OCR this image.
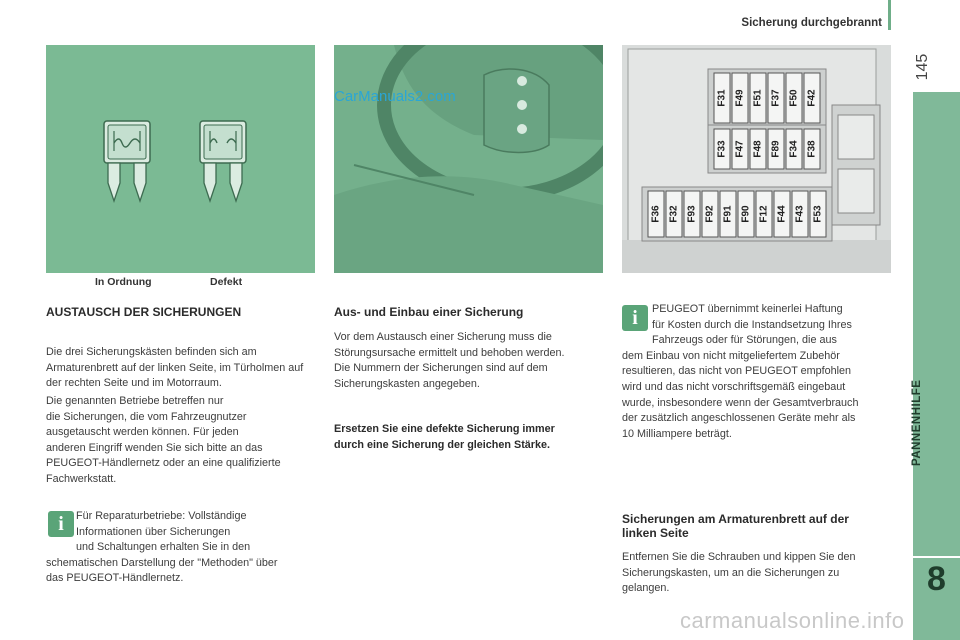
Sicherung durchgebrannt
145
PANNENHILFE
8
In Ordnung	Defekt
CarManuals2.com	F31 F49 F51 F37 F50 F42
F33 F47 F48 F89 F34 F38
F36 F32 F93 F92 F91 F90 F12 F44 F43 F53
AUSTAUSCH DER SICHERUNGEN
Die drei Sicherungskästen befinden sich am Armaturenbrett auf der linken Seite, im Türholmen auf der rechten Seite und im Motorraum.
Die genannten Betriebe betreffen nur
die Sicherungen, die vom Fahrzeugnutzer
ausgetauscht werden können. Für jeden
anderen Eingriff wenden Sie sich bitte an das
PEUGEOT-Händlernetz oder an eine qualifizierte
Fachwerkstatt.
i	Für Reparaturbetriebe: Vollständige
Informationen über Sicherungen
und Schaltungen erhalten Sie in den
schematischen Darstellung der "Methoden" über
das PEUGEOT-Händlernetz.
Aus- und Einbau einer Sicherung
Vor dem Austausch einer Sicherung muss die
Störungsursache ermittelt und behoben werden.
Die Nummern der Sicherungen sind auf dem
Sicherungskasten angegeben.
Ersetzen Sie eine defekte Sicherung immer
durch eine Sicherung der gleichen Stärke.
i	PEUGEOT übernimmt keinerlei Haftung
für Kosten durch die Instandsetzung Ihres
Fahrzeugs oder für Störungen, die aus
dem Einbau von nicht mitgeliefertem Zubehör
resultieren, das nicht von PEUGEOT empfohlen
wird und das nicht vorschriftsgemäß eingebaut
wurde, insbesondere wenn der Gesamtverbrauch
der zusätzlich angeschlossenen Geräte mehr als
10 Milliampere beträgt.
Sicherungen am Armaturenbrett auf der
linken Seite
Entfernen Sie die Schrauben und kippen Sie den
Sicherungskasten, um an die Sicherungen zu
gelangen.
carmanualsonline.info
